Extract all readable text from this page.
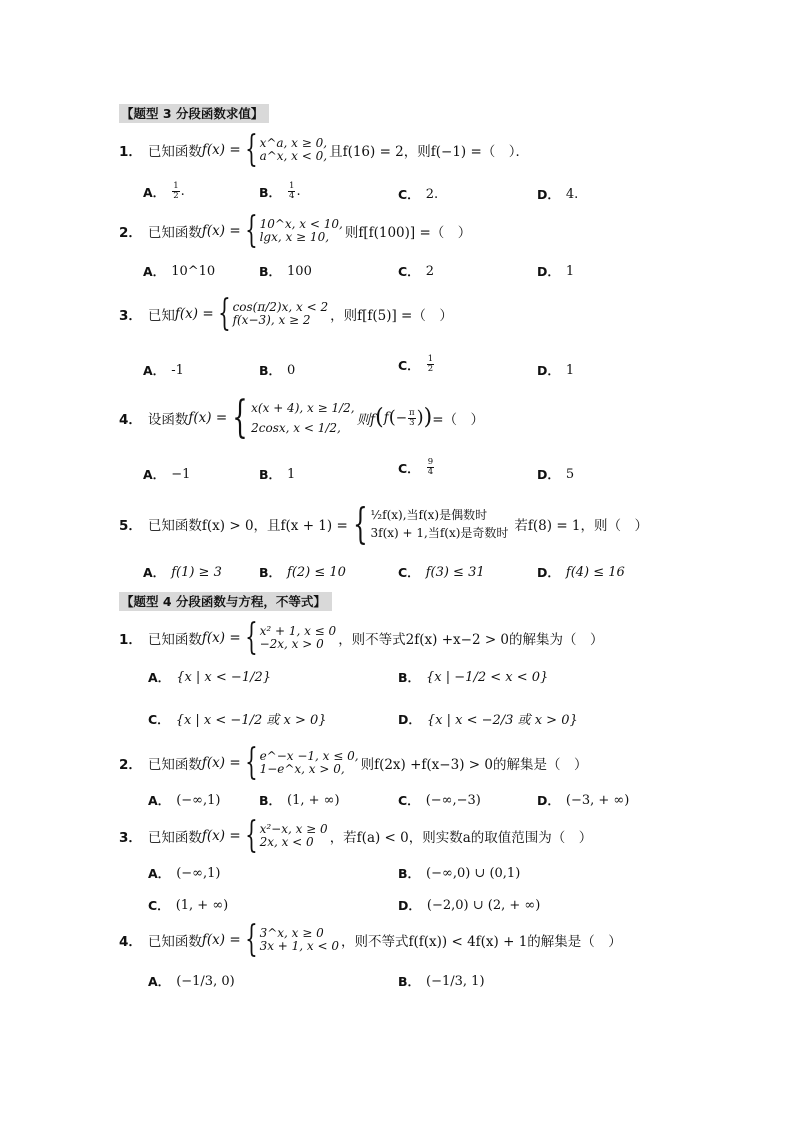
【题型 3 分段函数求值】
1． 已知函数 f(x) = { x^a, x ≥ 0,
a^x, x < 0, 且f(16) = 2，则f(−1) =（　）．
A． $\frac{1}{2}$ .	B． $\frac{1}{4}$ .	C． 2.	D． 4.
2． 已知函数 f(x) = { 10^x, x < 10,
lgx, x ≥ 10,	则f[f(100)] =（　）
A． 10^10	B． 100	C． 2	D． 1
3． 已知 f(x) = { cos(π/2)x, x < 2
f(x−3), x ≥ 2	，则f[f(5)] =（　）
A． -1	B． 0	C． $\frac{1}{2}$	D． 1
4． 设函数 f(x) = { x(x + 4), x ≥ 1/2,
2cosx, x < 1/2,	则f ( f ( − $\frac{\pi}{3}$ ) ) =（　）
A． −1	B． 1	C． $\frac{9}{4}$	D． 5
5． 已知函数f(x) > 0，且f(x + 1) = { ½f(x),当f(x)是偶数时
3f(x) + 1,当f(x)是奇数时 若f(8) = 1，则（　）
A． f(1) ≥ 3	B． f(2) ≤ 10	C． f(3) ≤ 31	D． f(4) ≤ 16
【题型 4 分段函数与方程，不等式】
1． 已知函数 f(x) = { x² + 1, x ≤ 0
−2x, x > 0	，则不等式2f(x) +x−2 > 0的解集为（　）
A． {x | x < −1/2}	B． {x | −1/2 < x < 0}
C． {x | x < −1/2 或 x > 0}	D． {x | x < −2/3 或 x > 0}
2． 已知函数 f(x) = { e^−x −1, x ≤ 0,
1−e^x, x > 0,	则f(2x) +f(x−3) > 0的解集是（　）
A． (−∞,1)	B． (1, + ∞)	C． (−∞,−3)	D． (−3, + ∞)
3． 已知函数 f(x) = { x²−x, x ≥ 0
2x, x < 0	，若f(a) < 0，则实数a的取值范围为（　）
A． (−∞,1)	B． (−∞,0) ∪ (0,1)
C． (1, + ∞)	D． (−2,0) ∪ (2, + ∞)
4． 已知函数 f(x) = { 3^x, x ≥ 0
3x + 1, x < 0 ，则不等式f(f(x)) < 4f(x) + 1的解集是（　）
A． (−1/3, 0)	B． (−1/3, 1)
